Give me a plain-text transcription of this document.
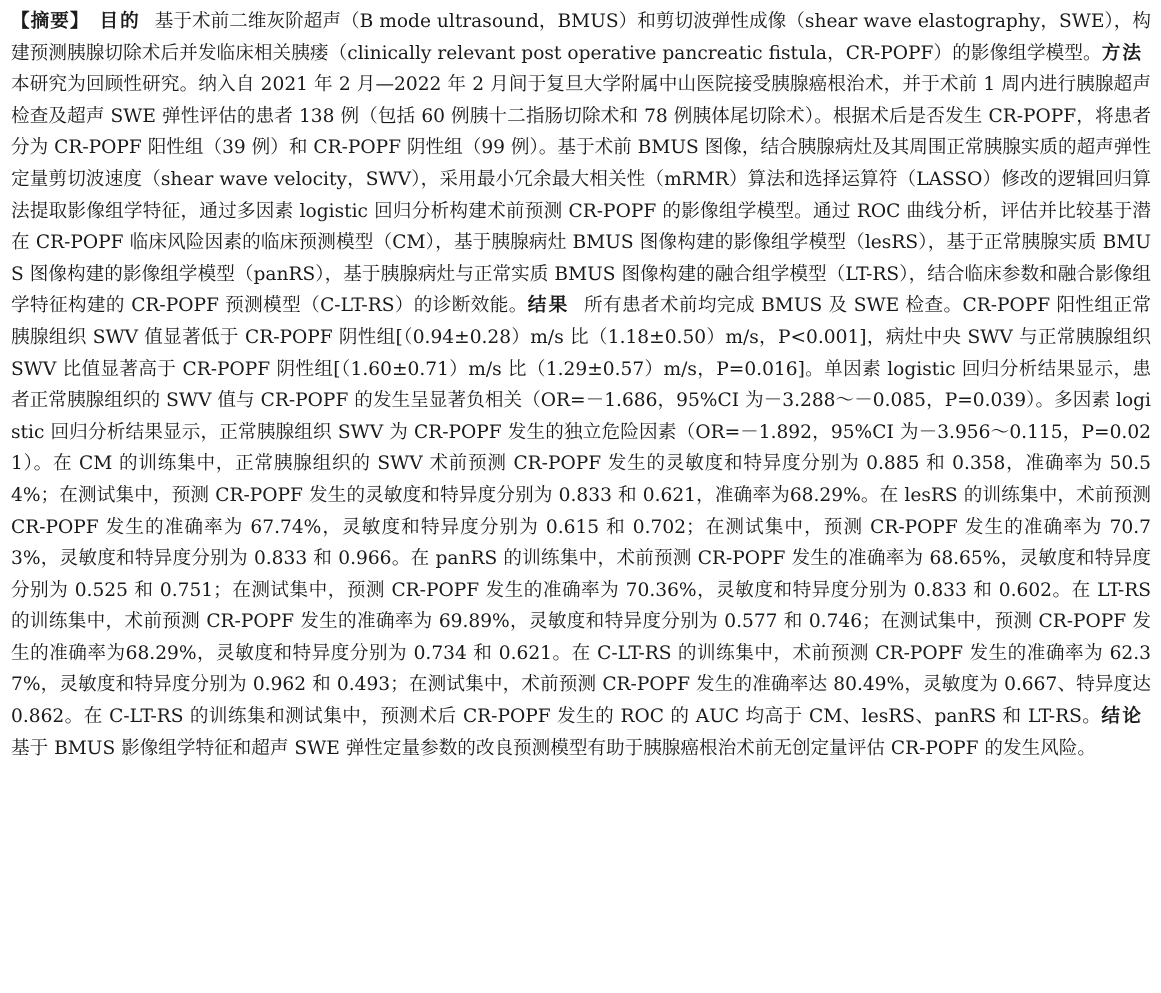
【摘要】 目的 基于术前二维灰阶超声（B mode ultrasound，BMUS）和剪切波弹性成像（shear wave elastography，SWE），构建预测胰腺切除术后并发临床相关胰瘘（clinically relevant post operative pancreatic fistula，CR-POPF）的影像组学模型。方法 本研究为回顾性研究。纳入自 2021 年 2 月—2022 年 2 月间于复旦大学附属中山医院接受胰腺癌根治术，并于术前 1 周内进行胰腺超声检查及超声 SWE 弹性评估的患者 138 例（包括 60 例胰十二指肠切除术和 78 例胰体尾切除术）。根据术后是否发生 CR-POPF，将患者分为 CR-POPF 阳性组（39 例）和 CR-POPF 阴性组（99 例）。基于术前 BMUS 图像，结合胰腺病灶及其周围正常胰腺实质的超声弹性定量剪切波速度（shear wave velocity，SWV），采用最小冗余最大相关性（mRMR）算法和选择运算符（LASSO）修改的逻辑回归算法提取影像组学特征，通过多因素 logistic 回归分析构建术前预测 CR-POPF 的影像组学模型。通过 ROC 曲线分析，评估并比较基于潜在 CR-POPF 临床风险因素的临床预测模型（CM），基于胰腺病灶 BMUS 图像构建的影像组学模型（lesRS），基于正常胰腺实质 BMUS 图像构建的影像组学模型（panRS），基于胰腺病灶与正常实质 BMUS 图像构建的融合组学模型（LT-RS），结合临床参数和融合影像组学特征构建的 CR-POPF 预测模型（C-LT-RS）的诊断效能。结果 所有患者术前均完成 BMUS 及 SWE 检查。CR-POPF 阳性组正常胰腺组织 SWV 值显著低于 CR-POPF 阴性组[（0.94±0.28）m/s 比（1.18±0.50）m/s，P<0.001]，病灶中央 SWV 与正常胰腺组织 SWV 比值显著高于 CR-POPF 阴性组[（1.60±0.71）m/s 比（1.29±0.57）m/s，P=0.016]。单因素 logistic 回归分析结果显示，患者正常胰腺组织的 SWV 值与 CR-POPF 的发生呈显著负相关（OR=－1.686，95%CI 为－3.288～－0.085，P=0.039）。多因素 logistic 回归分析结果显示，正常胰腺组织 SWV 为 CR-POPF 发生的独立危险因素（OR=－1.892，95%CI 为－3.956～0.115，P=0.021）。在 CM 的训练集中，正常胰腺组织的 SWV 术前预测 CR-POPF 发生的灵敏度和特异度分别为 0.885 和 0.358，准确率为 50.54%；在测试集中，预测 CR-POPF 发生的灵敏度和特异度分别为 0.833 和 0.621，准确率为68.29%。在 lesRS 的训练集中，术前预测 CR-POPF 发生的准确率为 67.74%，灵敏度和特异度分别为 0.615 和 0.702；在测试集中，预测 CR-POPF 发生的准确率为 70.73%，灵敏度和特异度分别为 0.833 和 0.966。在 panRS 的训练集中，术前预测 CR-POPF 发生的准确率为 68.65%，灵敏度和特异度分别为 0.525 和 0.751；在测试集中，预测 CR-POPF 发生的准确率为 70.36%，灵敏度和特异度分别为 0.833 和 0.602。在 LT-RS 的训练集中，术前预测 CR-POPF 发生的准确率为 69.89%，灵敏度和特异度分别为 0.577 和 0.746；在测试集中，预测 CR-POPF 发生的准确率为68.29%，灵敏度和特异度分别为 0.734 和 0.621。在 C-LT-RS 的训练集中，术前预测 CR-POPF 发生的准确率为 62.37%，灵敏度和特异度分别为 0.962 和 0.493；在测试集中，术前预测 CR-POPF 发生的准确率达 80.49%，灵敏度为 0.667、特异度达0.862。在 C-LT-RS 的训练集和测试集中，预测术后 CR-POPF 发生的 ROC 的 AUC 均高于 CM、lesRS、panRS 和 LT-RS。结论 基于 BMUS 影像组学特征和超声 SWE 弹性定量参数的改良预测模型有助于胰腺癌根治术前无创定量评估 CR-POPF 的发生风险。
